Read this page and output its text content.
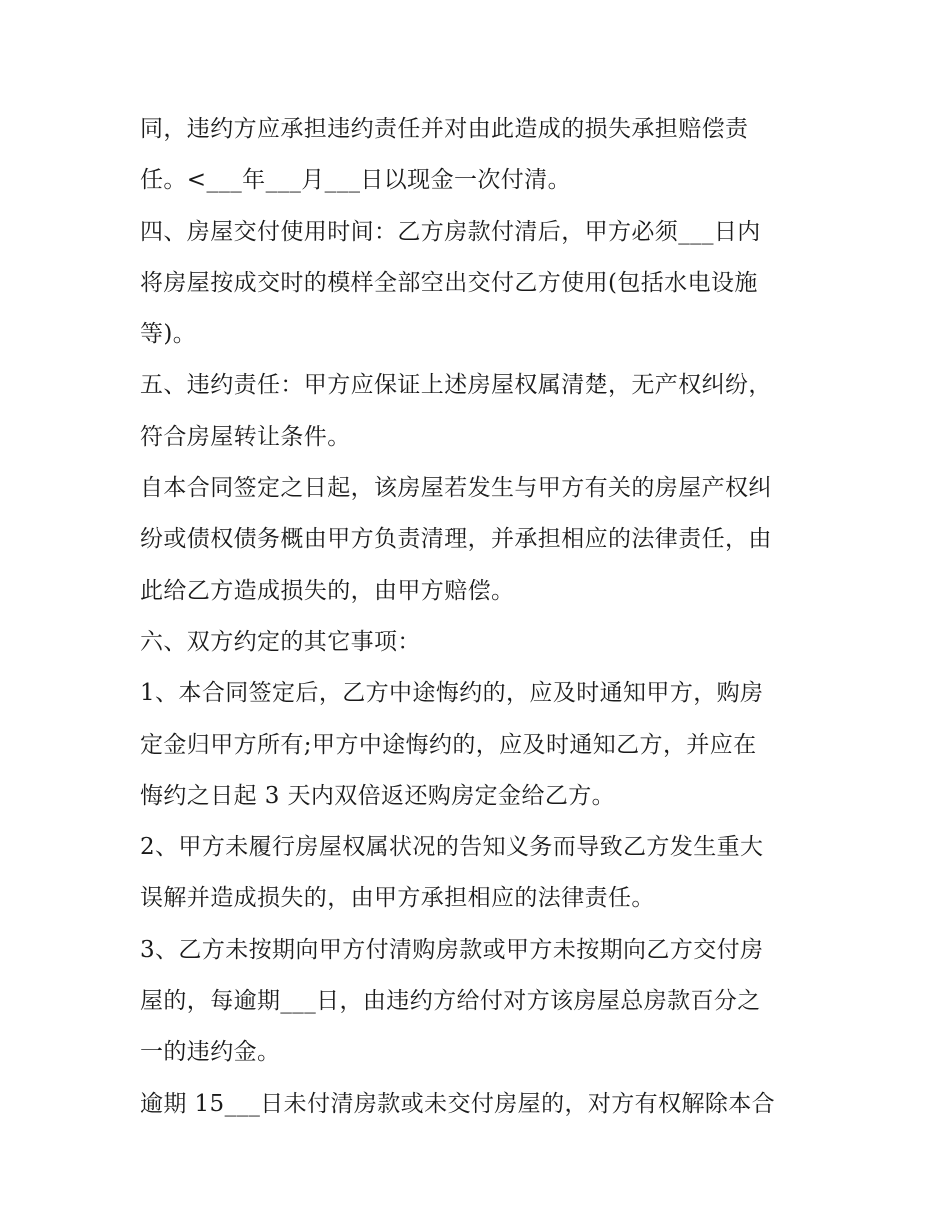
同，违约方应承担违约责任并对由此造成的损失承担赔偿责
任。<___年___月___日以现金一次付清。
四、房屋交付使用时间：乙方房款付清后，甲方必须___日内
将房屋按成交时的模样全部空出交付乙方使用(包括水电设施
等)。
五、违约责任：甲方应保证上述房屋权属清楚，无产权纠纷，
符合房屋转让条件。
自本合同签定之日起，该房屋若发生与甲方有关的房屋产权纠
纷或债权债务概由甲方负责清理，并承担相应的法律责任，由
此给乙方造成损失的，由甲方赔偿。
六、双方约定的其它事项：
1、本合同签定后，乙方中途悔约的，应及时通知甲方，购房
定金归甲方所有;甲方中途悔约的，应及时通知乙方，并应在
悔约之日起 3 天内双倍返还购房定金给乙方。
2、甲方未履行房屋权属状况的告知义务而导致乙方发生重大
误解并造成损失的，由甲方承担相应的法律责任。
3、乙方未按期向甲方付清购房款或甲方未按期向乙方交付房
屋的，每逾期___日，由违约方给付对方该房屋总房款百分之
一的违约金。
逾期 15___日未付清房款或未交付房屋的，对方有权解除本合
